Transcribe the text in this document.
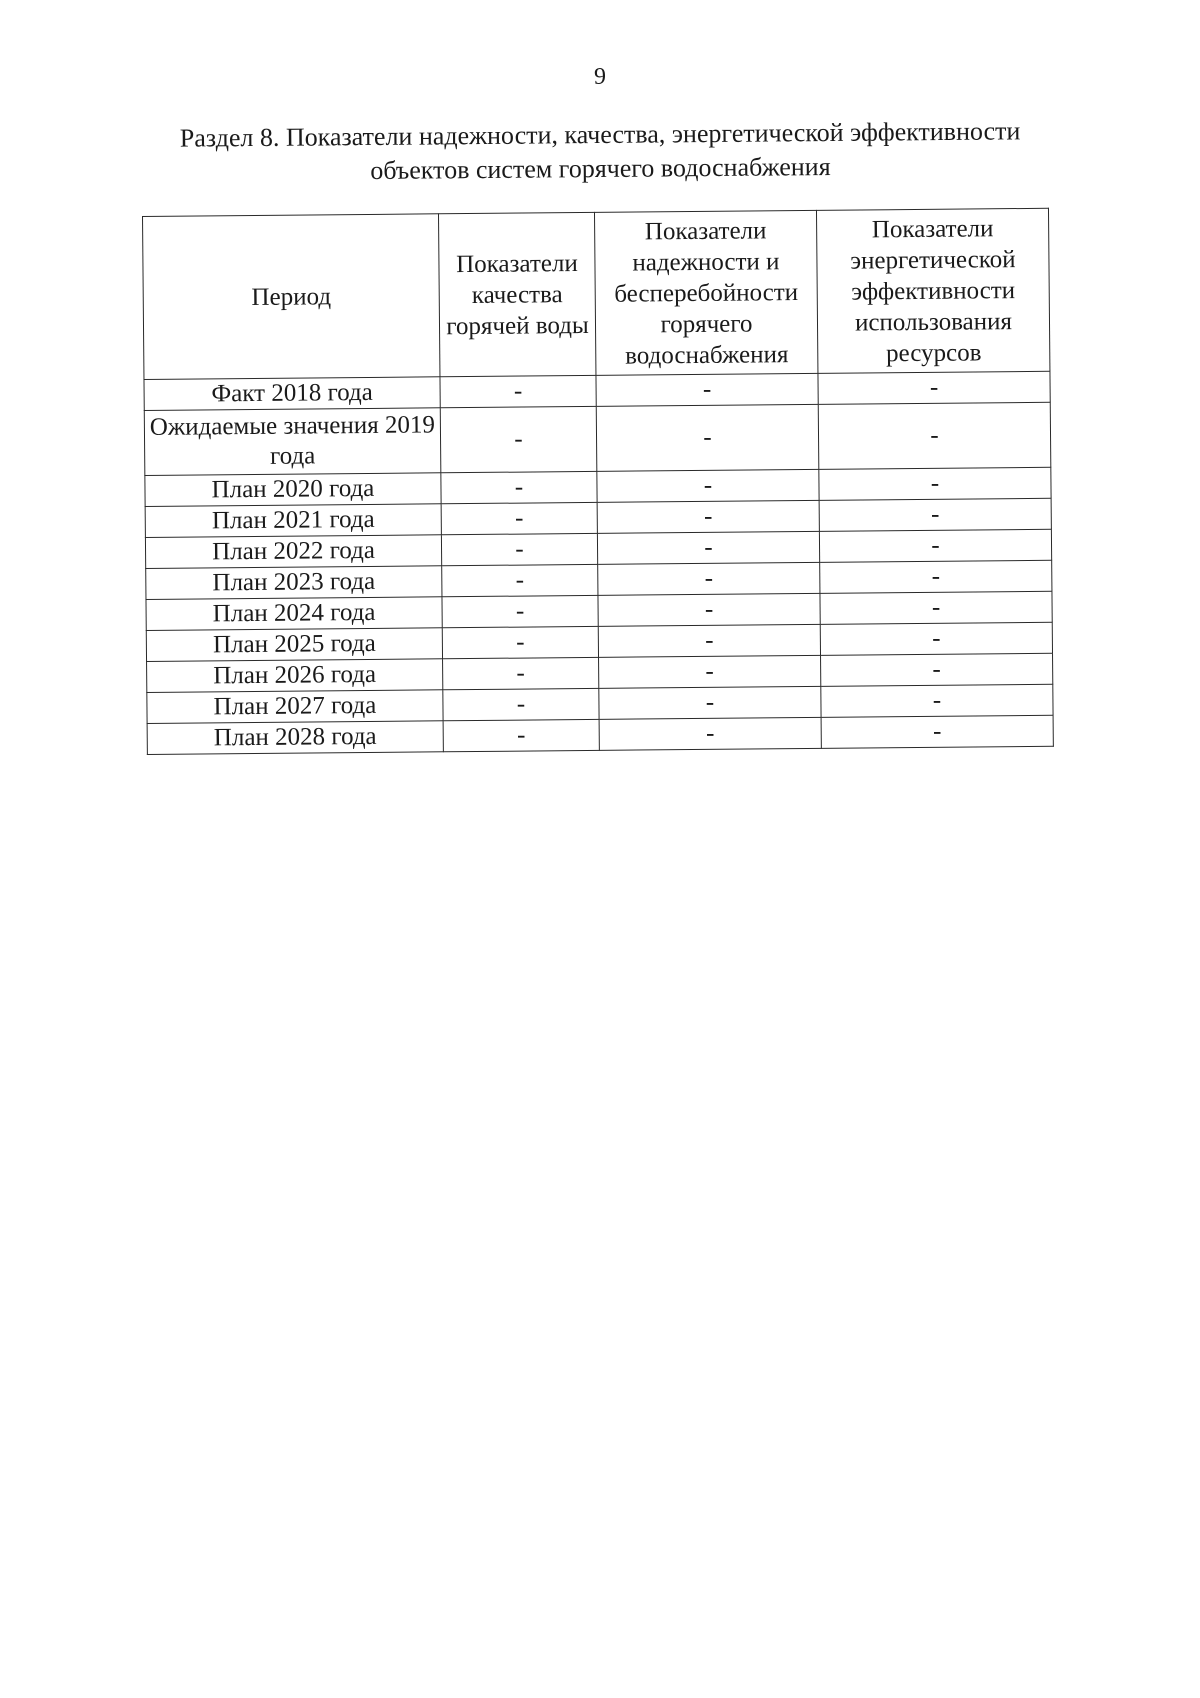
9
Раздел 8. Показатели надежности, качества, энергетической эффективности объектов систем горячего водоснабжения
Период	Показатели качества горячей воды	Показатели надежности и бесперебойности горячего водоснабжения	Показатели энергетической эффективности использования ресурсов
Факт 2018 года	-	-	-
Ожидаемые значения 2019 года	-	-	-
План 2020 года	-	-	-
План 2021 года	-	-	-
План 2022 года	-	-	-
План 2023 года	-	-	-
План 2024 года	-	-	-
План 2025 года	-	-	-
План 2026 года	-	-	-
План 2027 года	-	-	-
План 2028 года	-	-	-
